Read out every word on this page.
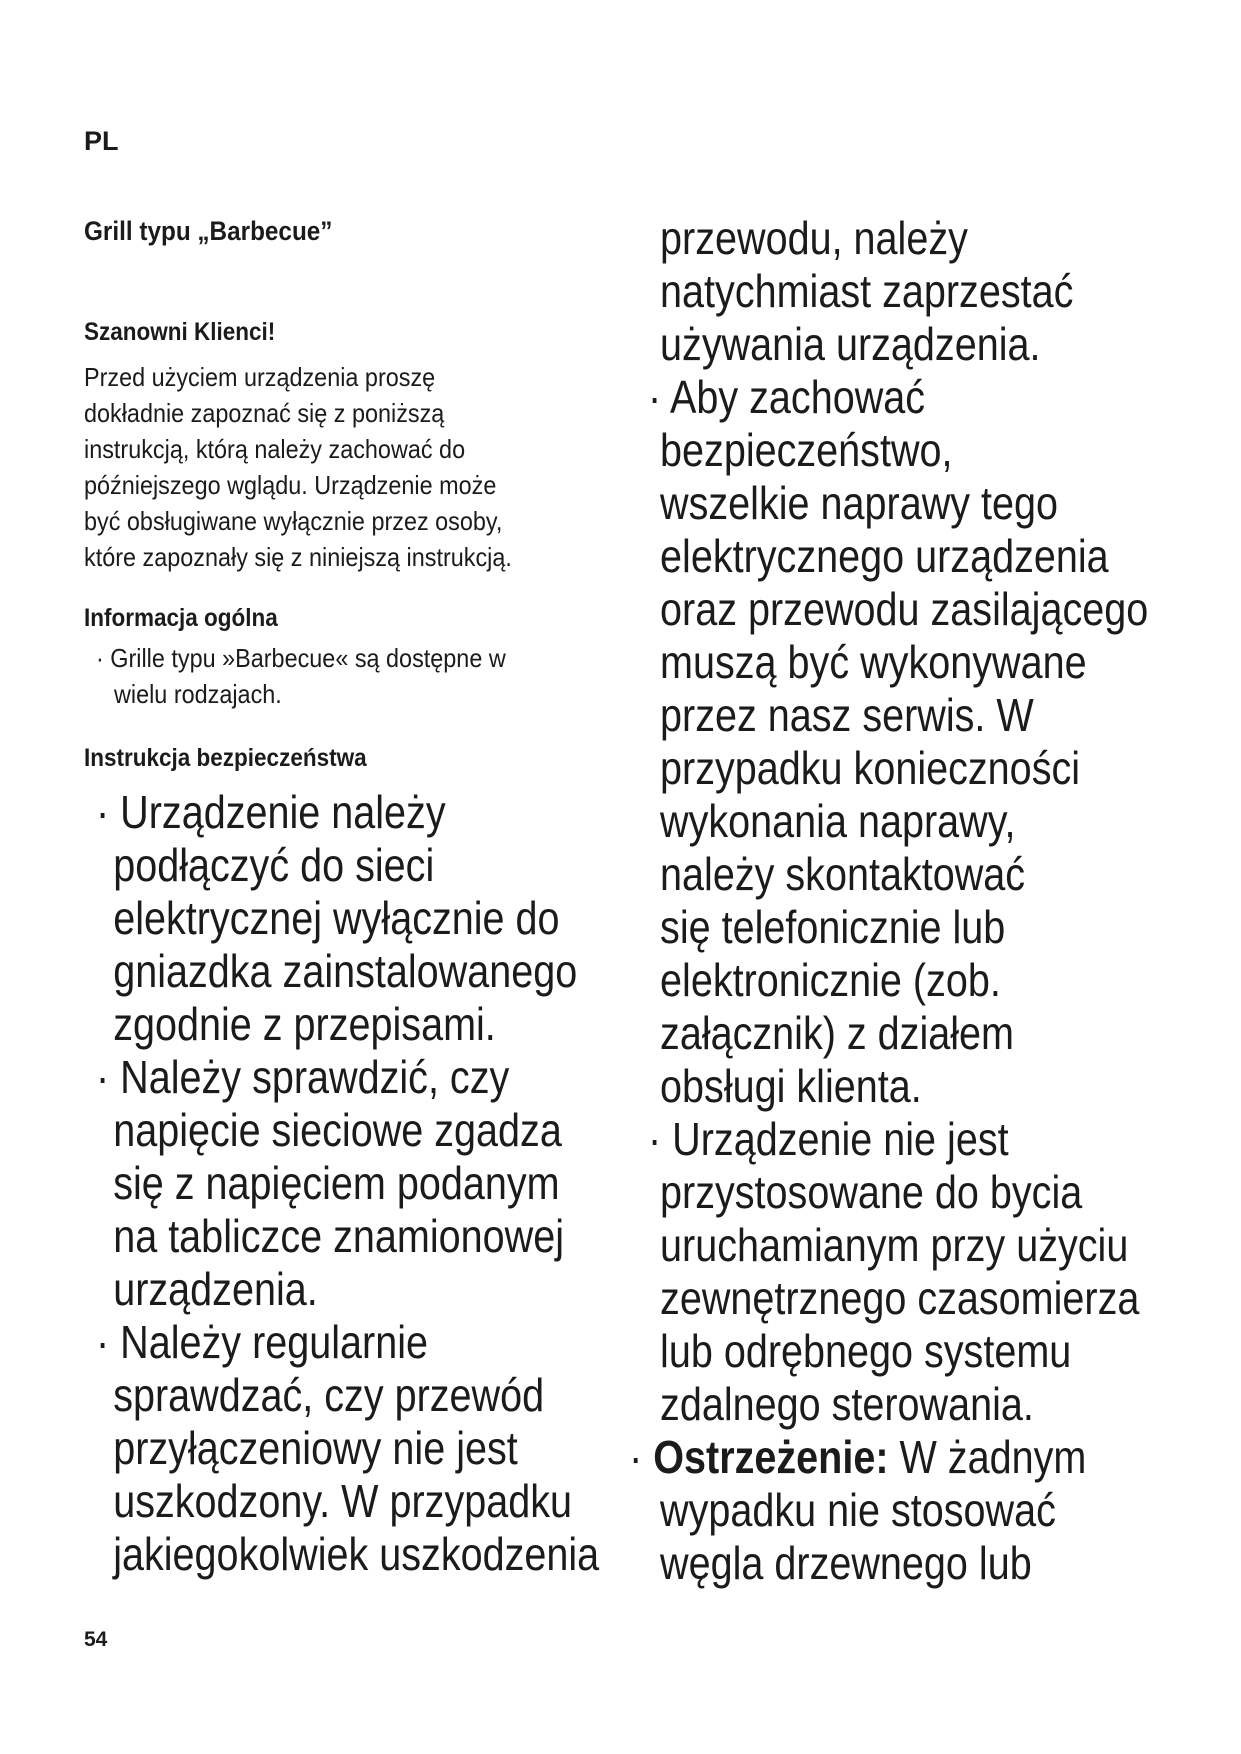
PL
Grill typu „Barbecue”
Szanowni Klienci!
Przed użyciem urządzenia proszę
dokładnie zapoznać się z poniższą
instrukcją, którą należy zachować do
późniejszego wglądu. Urządzenie może
być obsługiwane wyłącznie przez osoby,
które zapoznały się z niniejszą instrukcją.
Informacja ogólna
· Grille typu »Barbecue« są dostępne w
wielu rodzajach.
Instrukcja bezpieczeństwa
· Urządzenie należy
podłączyć do sieci
elektrycznej wyłącznie do
gniazdka zainstalowanego
zgodnie z przepisami.
· Należy sprawdzić, czy
napięcie sieciowe zgadza
się z napięciem podanym
na tabliczce znamionowej
urządzenia.
· Należy regularnie
sprawdzać, czy przewód
przyłączeniowy nie jest
uszkodzony. W przypadku
jakiegokolwiek uszkodzenia
przewodu, należy
natychmiast zaprzestać
używania urządzenia.
· Aby zachować
bezpieczeństwo,
wszelkie naprawy tego
elektrycznego urządzenia
oraz przewodu zasilającego
muszą być wykonywane
przez nasz serwis. W
przypadku konieczności
wykonania naprawy,
należy skontaktować
się telefonicznie lub
elektronicznie (zob.
załącznik) z działem
obsługi klienta.
· Urządzenie nie jest
przystosowane do bycia
uruchamianym przy użyciu
zewnętrznego czasomierza
lub odrębnego systemu
zdalnego sterowania.
· Ostrzeżenie: W żadnym
wypadku nie stosować
węgla drzewnego lub
54
